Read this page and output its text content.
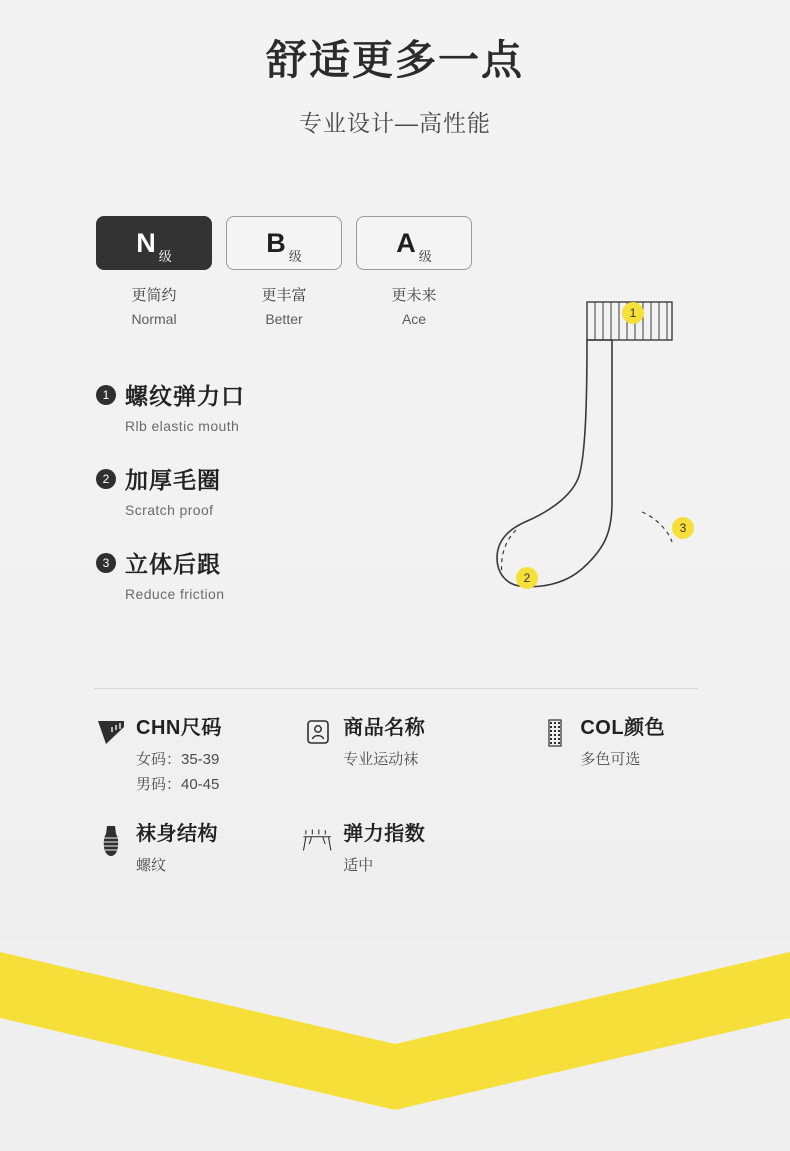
舒适更多一点
专业设计—高性能
N 级
更简约
Normal
B 级
更丰富
Better
A 级
更未来
Ace
1 螺纹弹力口
Rlb elastic mouth
2 加厚毛圈
Scratch proof
3 立体后跟
Reduce friction
1
2
3
CHN尺码
女码：35-39
男码：40-45
商品名称
专业运动袜
COL颜色
多色可选
袜身结构
螺纹
弹力指数
适中
